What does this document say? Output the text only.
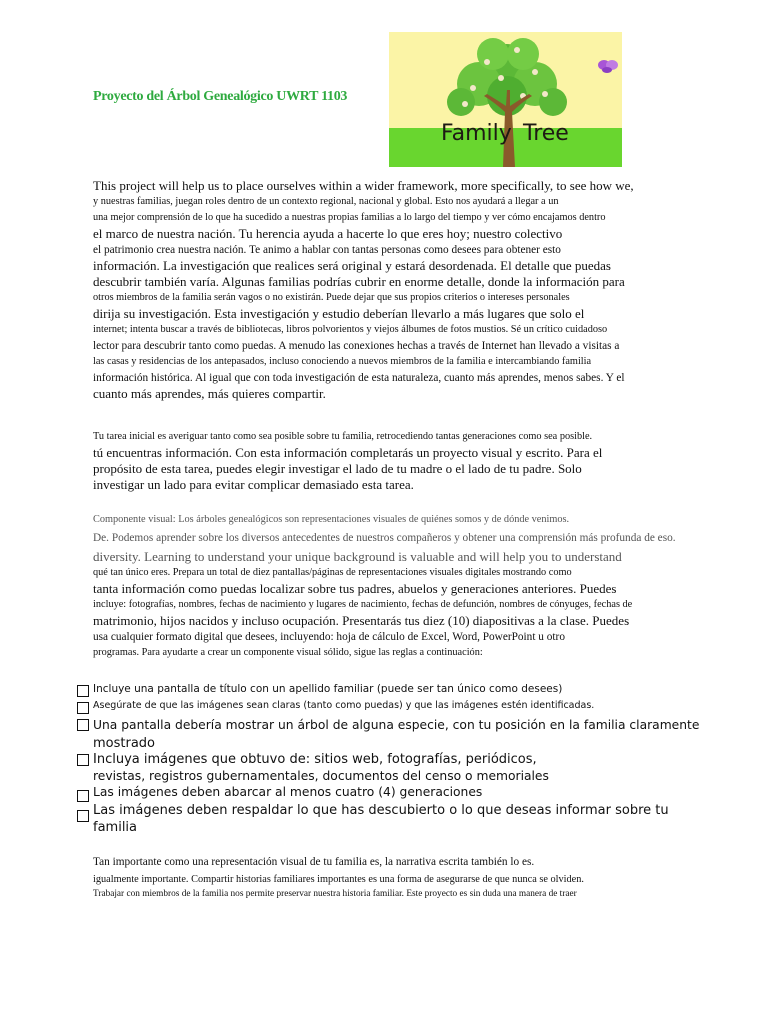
Proyecto del Árbol Genealógico UWRT 1103
Family Tree
This project will help us to place ourselves within a wider framework, more specifically, to see how we,
y nuestras familias, juegan roles dentro de un contexto regional, nacional y global. Esto nos ayudará a llegar a un
una mejor comprensión de lo que ha sucedido a nuestras propias familias a lo largo del tiempo y ver cómo encajamos dentro
el marco de nuestra nación. Tu herencia ayuda a hacerte lo que eres hoy; nuestro colectivo
el patrimonio crea nuestra nación. Te animo a hablar con tantas personas como desees para obtener esto
información. La investigación que realices será original y estará desordenada. El detalle que puedas
descubrir también varía. Algunas familias podrías cubrir en enorme detalle, donde la información para
otros miembros de la familia serán vagos o no existirán. Puede dejar que sus propios criterios o intereses personales
dirija su investigación. Esta investigación y estudio deberían llevarlo a más lugares que solo el
internet; intenta buscar a través de bibliotecas, libros polvorientos y viejos álbumes de fotos mustios. Sé un crítico cuidadoso
lector para descubrir tanto como puedas. A menudo las conexiones hechas a través de Internet han llevado a visitas a
las casas y residencias de los antepasados, incluso conociendo a nuevos miembros de la familia e intercambiando familia
información histórica. Al igual que con toda investigación de esta naturaleza, cuanto más aprendes, menos sabes. Y el
cuanto más aprendes, más quieres compartir.
Tu tarea inicial es averiguar tanto como sea posible sobre tu familia, retrocediendo tantas generaciones como sea posible.
tú encuentras información. Con esta información completarás un proyecto visual y escrito. Para el
propósito de esta tarea, puedes elegir investigar el lado de tu madre o el lado de tu padre. Solo
investigar un lado para evitar complicar demasiado esta tarea.
Componente visual: Los árboles genealógicos son representaciones visuales de quiénes somos y de dónde venimos.
De. Podemos aprender sobre los diversos antecedentes de nuestros compañeros y obtener una comprensión más profunda de eso.
diversity. Learning to understand your unique background is valuable and will help you to understand
qué tan único eres. Prepara un total de diez pantallas/páginas de representaciones visuales digitales mostrando como
tanta información como puedas localizar sobre tus padres, abuelos y generaciones anteriores. Puedes
incluye: fotografías, nombres, fechas de nacimiento y lugares de nacimiento, fechas de defunción, nombres de cónyuges, fechas de
matrimonio, hijos nacidos y incluso ocupación. Presentarás tus diez (10) diapositivas a la clase. Puedes
usa cualquier formato digital que desees, incluyendo: hoja de cálculo de Excel, Word, PowerPoint u otro
programas. Para ayudarte a crear un componente visual sólido, sigue las reglas a continuación:
Incluye una pantalla de título con un apellido familiar (puede ser tan único como desees)
Asegúrate de que las imágenes sean claras (tanto como puedas) y que las imágenes estén identificadas.
Una pantalla debería mostrar un árbol de alguna especie, con tu posición en la familia claramente
mostrado
Incluya imágenes que obtuvo de: sitios web, fotografías, periódicos,
revistas, registros gubernamentales, documentos del censo o memoriales
Las imágenes deben abarcar al menos cuatro (4) generaciones
Las imágenes deben respaldar lo que has descubierto o lo que deseas informar sobre tu
familia
Tan importante como una representación visual de tu familia es, la narrativa escrita también lo es.
igualmente importante. Compartir historias familiares importantes es una forma de asegurarse de que nunca se olviden.
Trabajar con miembros de la familia nos permite preservar nuestra historia familiar. Este proyecto es sin duda una manera de traer
